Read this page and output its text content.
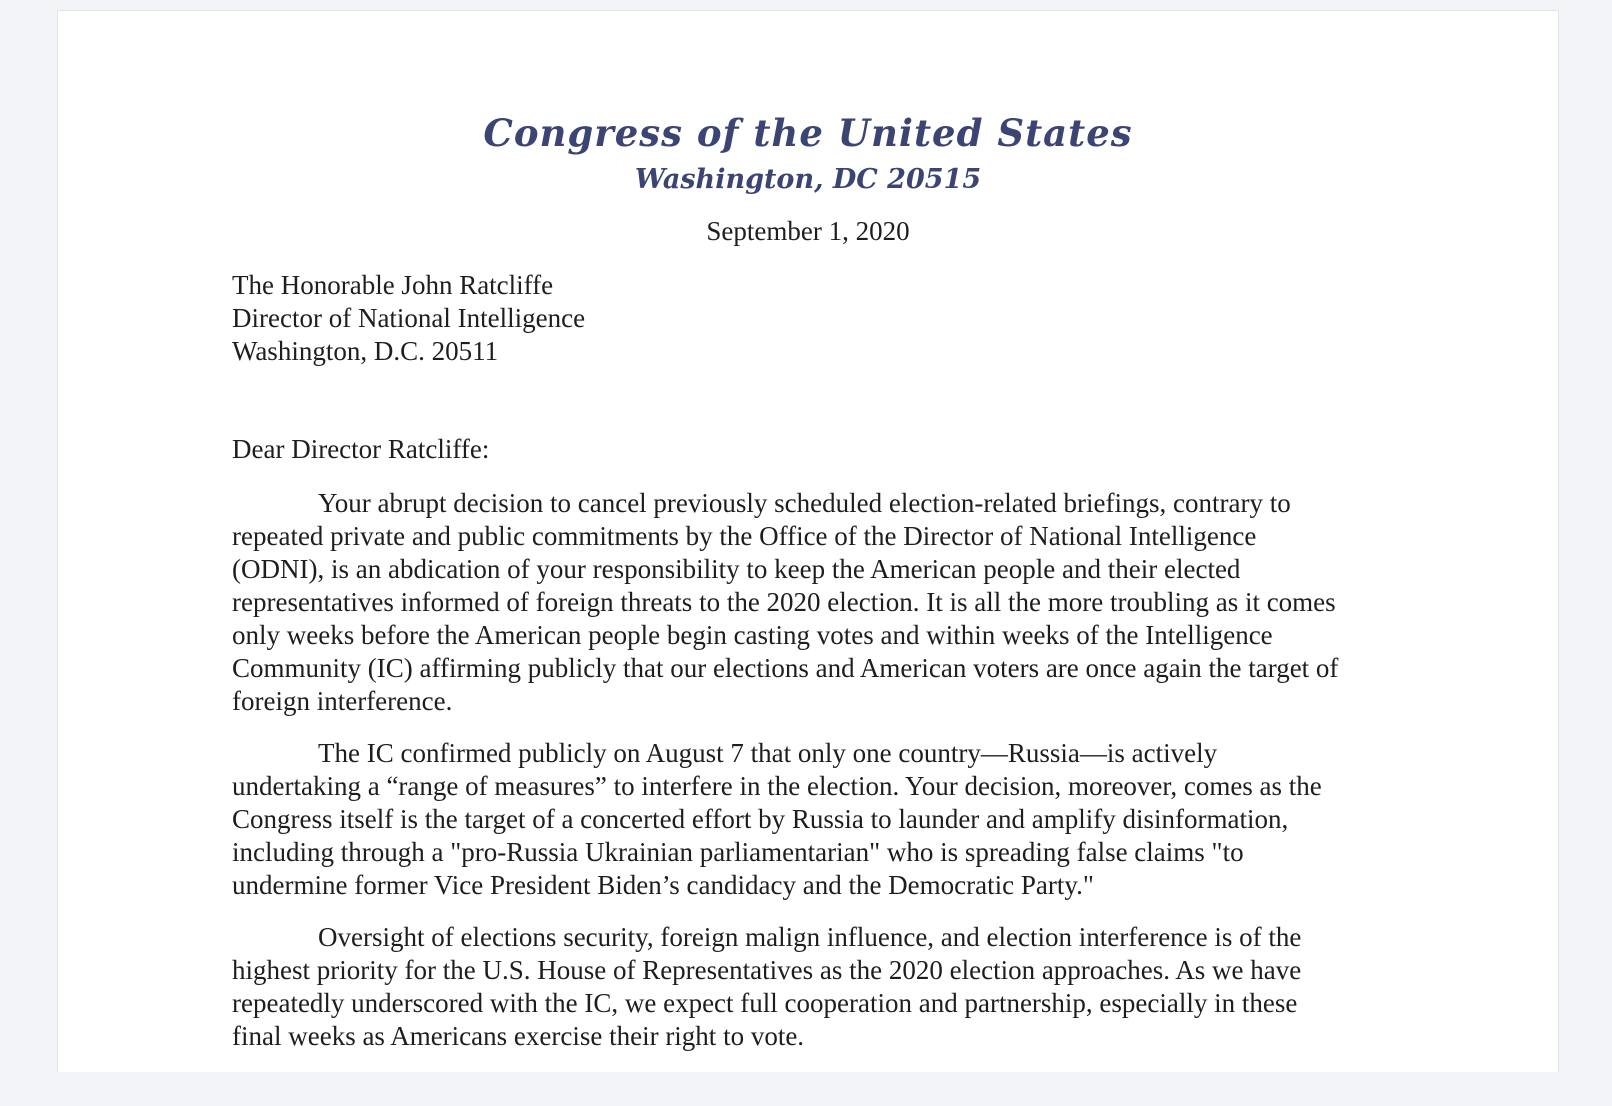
Congress of the United States
Washington, DC 20515
September 1, 2020
The Honorable John Ratcliffe
Director of National Intelligence
Washington, D.C. 20511
Dear Director Ratcliffe:

Your abrupt decision to cancel previously scheduled election-related briefings, contrary to repeated private and public commitments by the Office of the Director of National Intelligence (ODNI), is an abdication of your responsibility to keep the American people and their elected representatives informed of foreign threats to the 2020 election. It is all the more troubling as it comes only weeks before the American people begin casting votes and within weeks of the Intelligence Community (IC) affirming publicly that our elections and American voters are once again the target of foreign interference.

The IC confirmed publicly on August 7 that only one country—Russia—is actively undertaking a “range of measures” to interfere in the election. Your decision, moreover, comes as the Congress itself is the target of a concerted effort by Russia to launder and amplify disinformation, including through a "pro-Russia Ukrainian parliamentarian" who is spreading false claims "to undermine former Vice President Biden’s candidacy and the Democratic Party."

Oversight of elections security, foreign malign influence, and election interference is of the highest priority for the U.S. House of Representatives as the 2020 election approaches. As we have repeatedly underscored with the IC, we expect full cooperation and partnership, especially in these final weeks as Americans exercise their right to vote.
